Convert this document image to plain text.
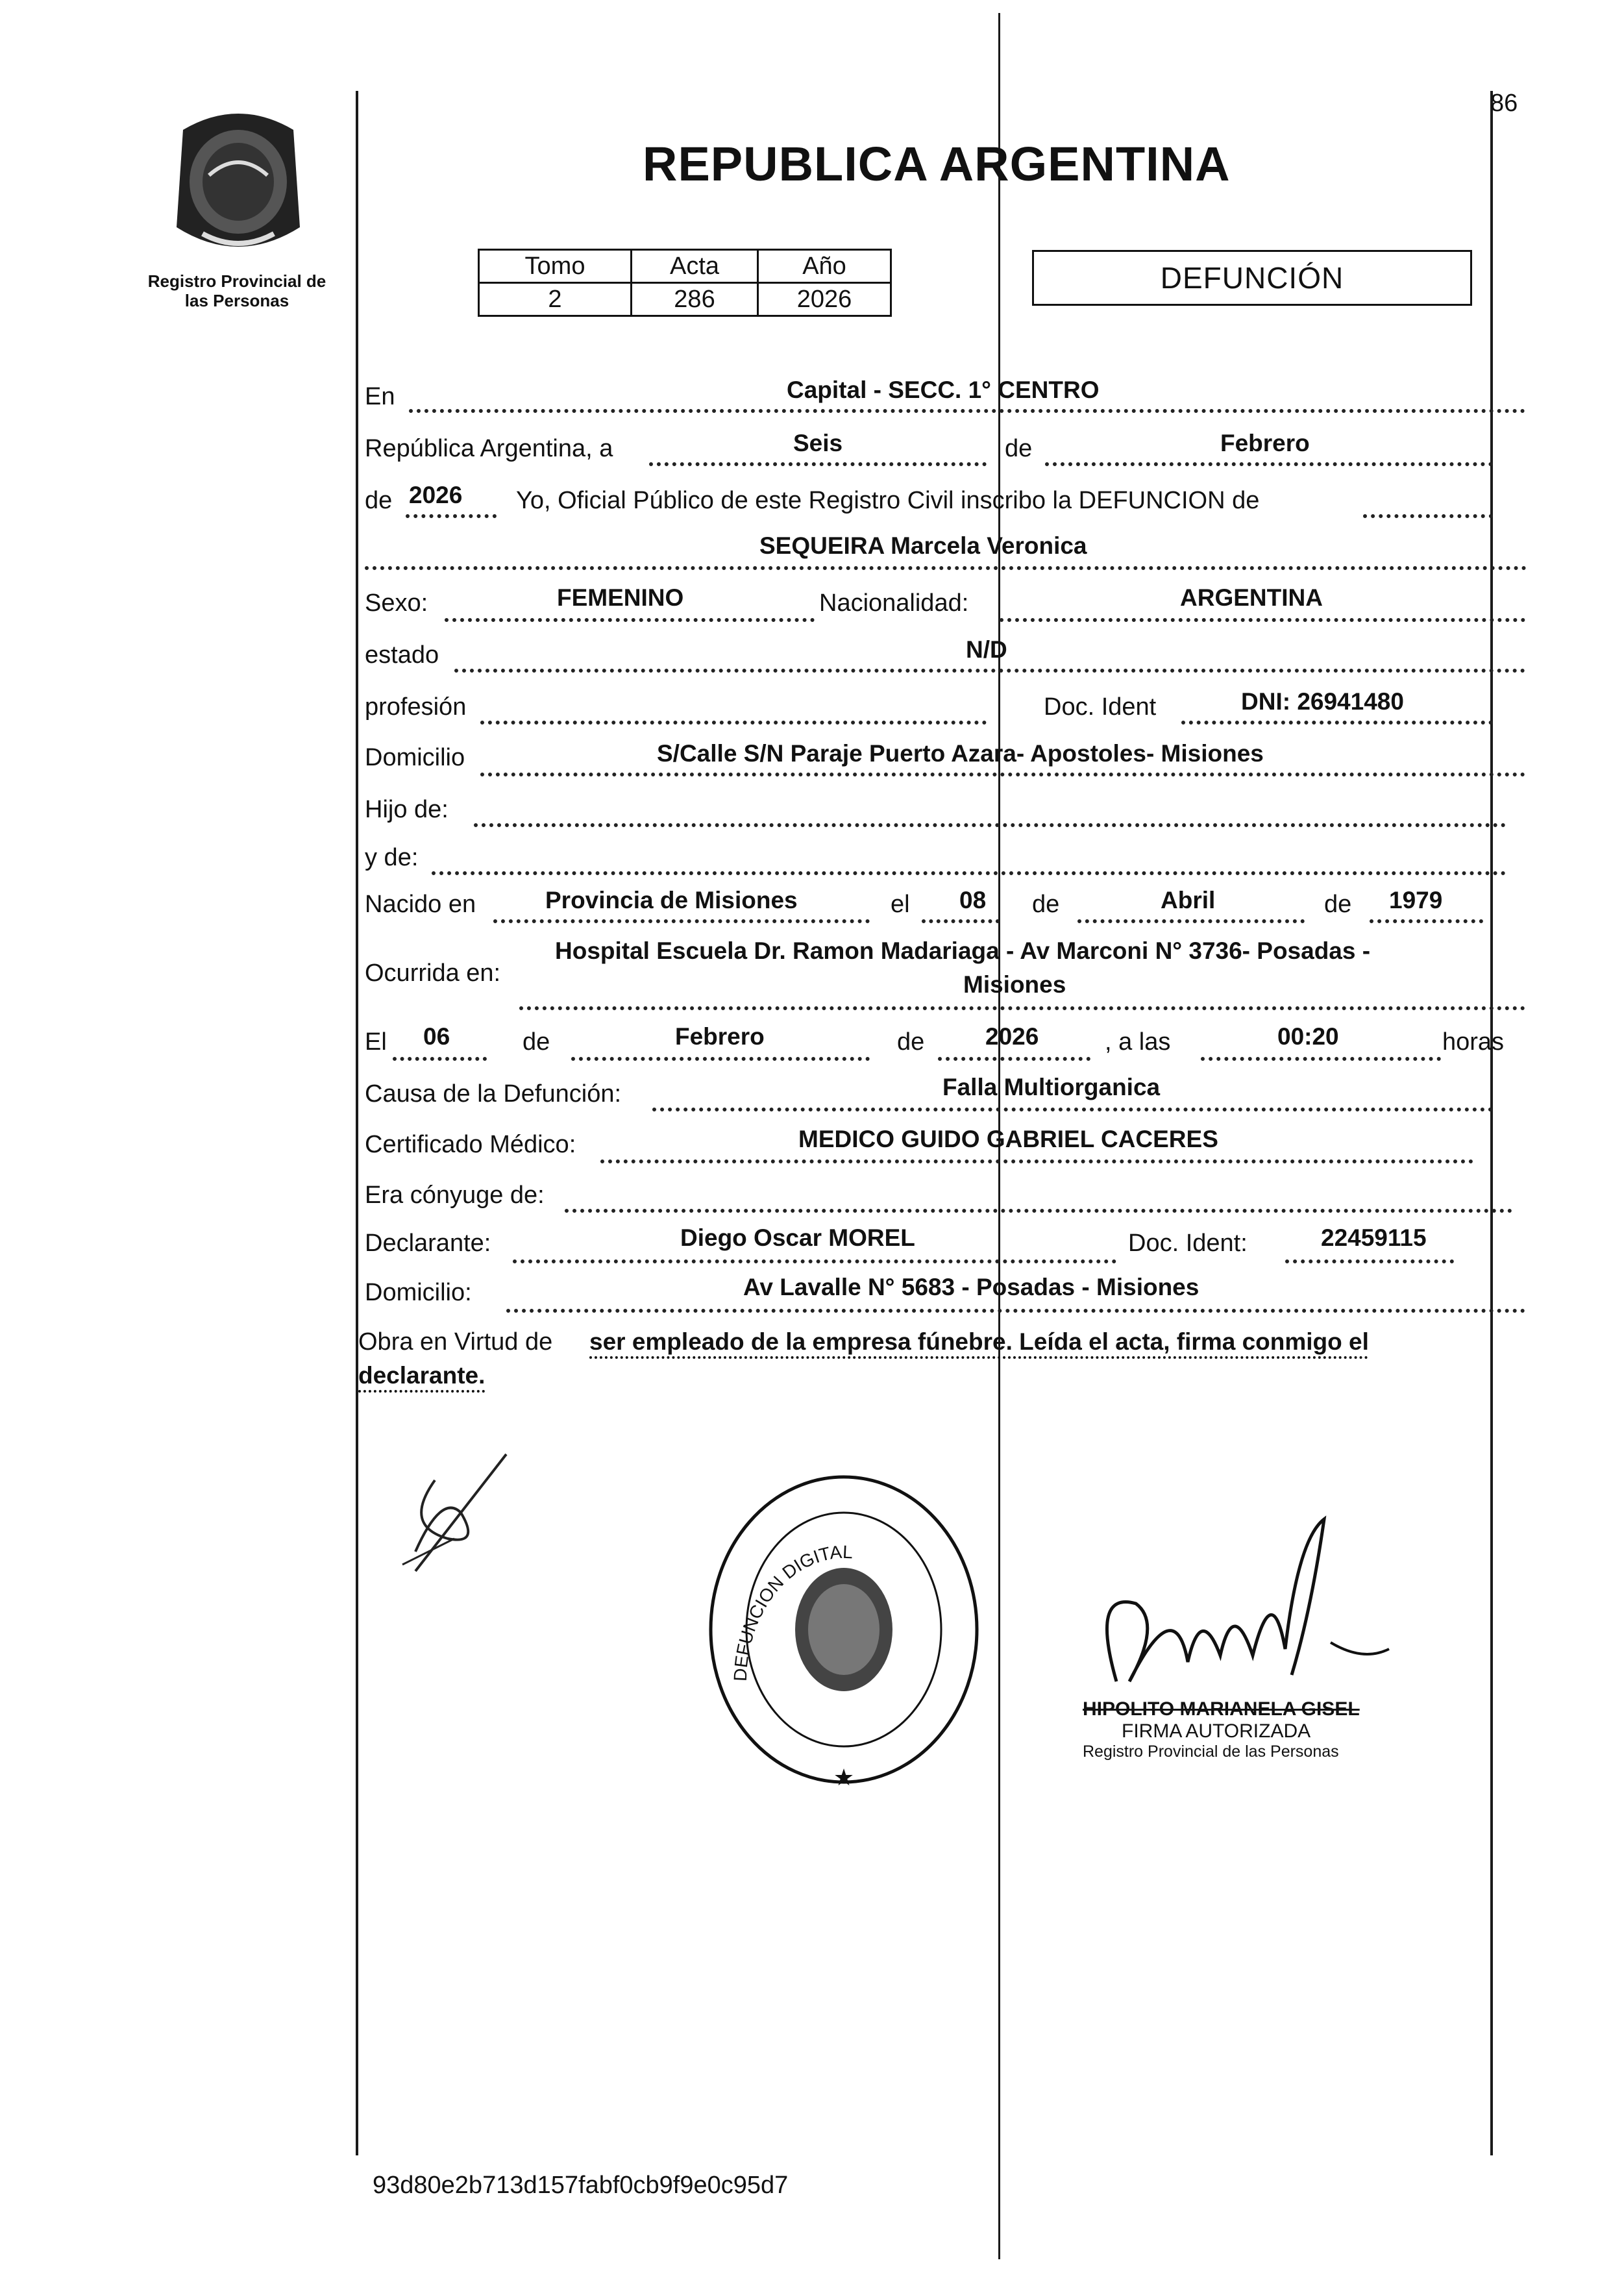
Registro Provincial de
las Personas
86
REPUBLICA ARGENTINA
Tomo	Acta	Año
2	286	2026
DEFUNCIÓN
En	Capital - SECC. 1° CENTRO
República Argentina, a	Seis	de	Febrero
de 2026 Yo, Oficial Público de este Registro Civil inscribo la DEFUNCION de
SEQUEIRA Marcela Veronica
Sexo:	FEMENINO	Nacionalidad:	ARGENTINA
estado	N/D
profesión	Doc. Ident	DNI: 26941480
Domicilio	S/Calle S/N Paraje Puerto Azara- Apostoles- Misiones
Hijo de:
y de:
Nacido en	Provincia de Misiones	el 08 de	Abril	de 1979
Ocurrida en:
Hospital Escuela Dr. Ramon Madariaga - Av Marconi N° 3736- Posadas -
Misiones
El 06	de	Febrero	de	2026	, a las	00:20	horas
Causa de la Defunción:	Falla Multiorganica
Certificado Médico:	MEDICO GUIDO GABRIEL CACERES
Era cónyuge de:
Declarante:	Diego Oscar MOREL	Doc. Ident:	22459115
Domicilio:	Av Lavalle N° 5683 - Posadas - Misiones
Obra en Virtud de ser empleado de la empresa fúnebre. Leída el acta, firma conmigo el
declarante.
DEFUNCION DIGITAL
★
HIPOLITO MARIANELA GISEL
FIRMA AUTORIZADA
Registro Provincial de las Personas
93d80e2b713d157fabf0cb9f9e0c95d7
